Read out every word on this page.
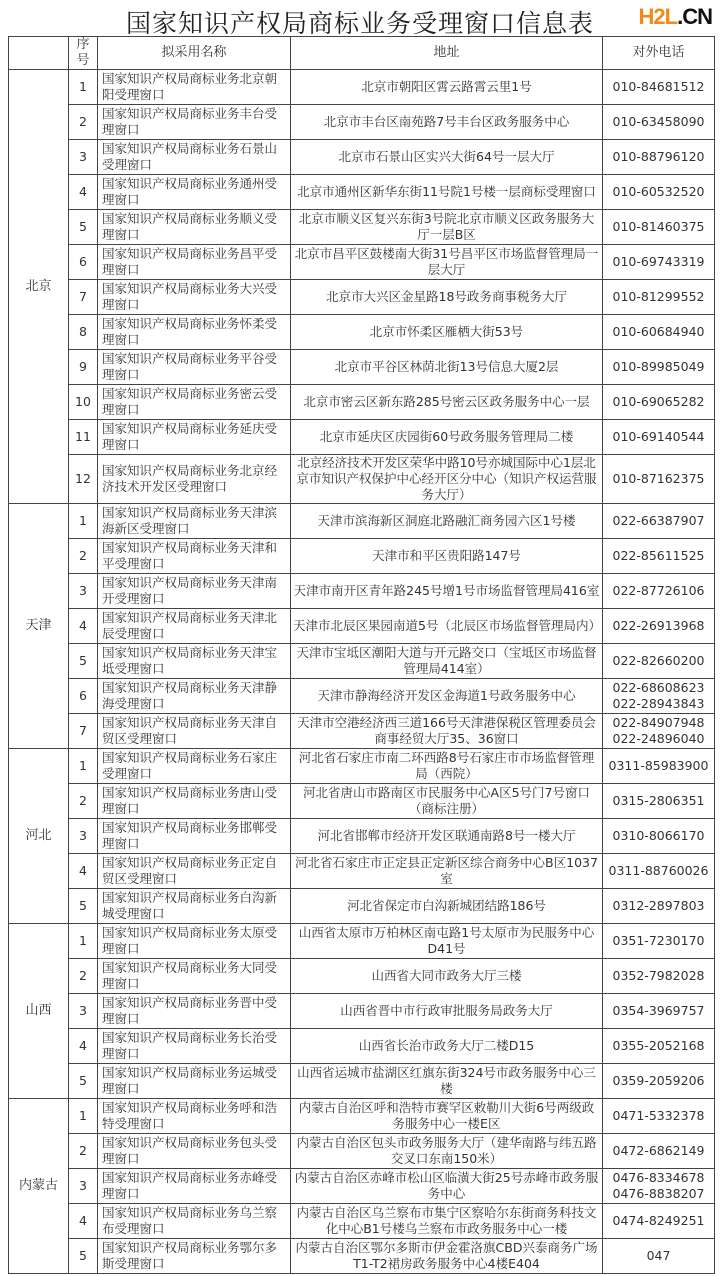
国家知识产权局商标业务受理窗口信息表	H2L.CN
	序号	拟采用名称	地址	对外电话
北京	1	国家知识产权局商标业务北京朝阳受理窗口	北京市朝阳区霄云路霄云里1号	010-84681512
	2	国家知识产权局商标业务丰台受理窗口	北京市丰台区南苑路7号丰台区政务服务中心	010-63458090
	3	国家知识产权局商标业务石景山受理窗口	北京市石景山区实兴大街64号一层大厅	010-88796120
	4	国家知识产权局商标业务通州受理窗口	北京市通州区新华东街11号院1号楼一层商标受理窗口	010-60532520
	5	国家知识产权局商标业务顺义受理窗口	北京市顺义区复兴东街3号院北京市顺义区政务服务大厅一层B区	010-81460375
	6	国家知识产权局商标业务昌平受理窗口	北京市昌平区鼓楼南大街31号昌平区市场监督管理局一层大厅	010-69743319
	7	国家知识产权局商标业务大兴受理窗口	北京市大兴区金星路18号政务商事税务大厅	010-81299552
	8	国家知识产权局商标业务怀柔受理窗口	北京市怀柔区雁栖大街53号	010-60684940
	9	国家知识产权局商标业务平谷受理窗口	北京市平谷区林荫北街13号信息大厦2层	010-89985049
	10	国家知识产权局商标业务密云受理窗口	北京市密云区新东路285号密云区政务服务中心一层	010-69065282
	11	国家知识产权局商标业务延庆受理窗口	北京市延庆区庆园街60号政务服务管理局二楼	010-69140544
	12	国家知识产权局商标业务北京经济技术开发区受理窗口	北京经济技术开发区荣华中路10号亦城国际中心1层北京市知识产权保护中心经开区分中心（知识产权运营服务大厅）	010-87162375
天津	1	国家知识产权局商标业务天津滨海新区受理窗口	天津市滨海新区洞庭北路融汇商务园六区1号楼	022-66387907
	2	国家知识产权局商标业务天津和平受理窗口	天津市和平区贵阳路147号	022-85611525
	3	国家知识产权局商标业务天津南开受理窗口	天津市南开区青年路245号增1号市场监督管理局416室	022-87726106
	4	国家知识产权局商标业务天津北辰受理窗口	天津市北辰区果园南道5号（北辰区市场监督管理局内）	022-26913968
	5	国家知识产权局商标业务天津宝坻受理窗口	天津市宝坻区潮阳大道与开元路交口（宝坻区市场监督管理局414室）	022-82660200
	6	国家知识产权局商标业务天津静海受理窗口	天津市静海经济开发区金海道1号政务服务中心	022-68608623
022-28943843
	7	国家知识产权局商标业务天津自贸区受理窗口	天津市空港经济西三道166号天津港保税区管理委员会商事经贸大厅35、36窗口	022-84907948
022-24896040
河北	1	国家知识产权局商标业务石家庄受理窗口	河北省石家庄市南二环西路8号石家庄市市场监督管理局（西院）	0311-85983900
	2	国家知识产权局商标业务唐山受理窗口	河北省唐山市路南区市民服务中心A区5号门7号窗口（商标注册）	0315-2806351
	3	国家知识产权局商标业务邯郸受理窗口	河北省邯郸市经济开发区联通南路8号一楼大厅	0310-8066170
	4	国家知识产权局商标业务正定自贸区受理窗口	河北省石家庄市正定县正定新区综合商务中心B区1037室	0311-88760026
	5	国家知识产权局商标业务白沟新城受理窗口	河北省保定市白沟新城团结路186号	0312-2897803
山西	1	国家知识产权局商标业务太原受理窗口	山西省太原市万柏林区南屯路1号太原市为民服务中心D41号	0351-7230170
	2	国家知识产权局商标业务大同受理窗口	山西省大同市政务大厅三楼	0352-7982028
	3	国家知识产权局商标业务晋中受理窗口	山西省晋中市行政审批服务局政务大厅	0354-3969757
	4	国家知识产权局商标业务长治受理窗口	山西省长治市政务大厅二楼D15	0355-2052168
	5	国家知识产权局商标业务运城受理窗口	山西省运城市盐湖区红旗东街324号市政务服务中心三楼	0359-2059206
内蒙古	1	国家知识产权局商标业务呼和浩特受理窗口	内蒙古自治区呼和浩特市赛罕区敕勒川大街6号两级政务服务中心一楼E区	0471-5332378
	2	国家知识产权局商标业务包头受理窗口	内蒙古自治区包头市政务服务大厅（建华南路与纬五路交叉口东南150米）	0472-6862149
	3	国家知识产权局商标业务赤峰受理窗口	内蒙古自治区赤峰市松山区临潢大街25号赤峰市政务服务中心	0476-8334678
0476-8838207
	4	国家知识产权局商标业务乌兰察布受理窗口	内蒙古自治区乌兰察布市集宁区察哈尔东街商务科技文化中心B1号楼乌兰察布市政务服务中心一楼	0474-8249251
	5	国家知识产权局商标业务鄂尔多斯受理窗口	内蒙古自治区鄂尔多斯市伊金霍洛旗CBD兴泰商务广场T1-T2裙房政务服务中心4楼E404	047
